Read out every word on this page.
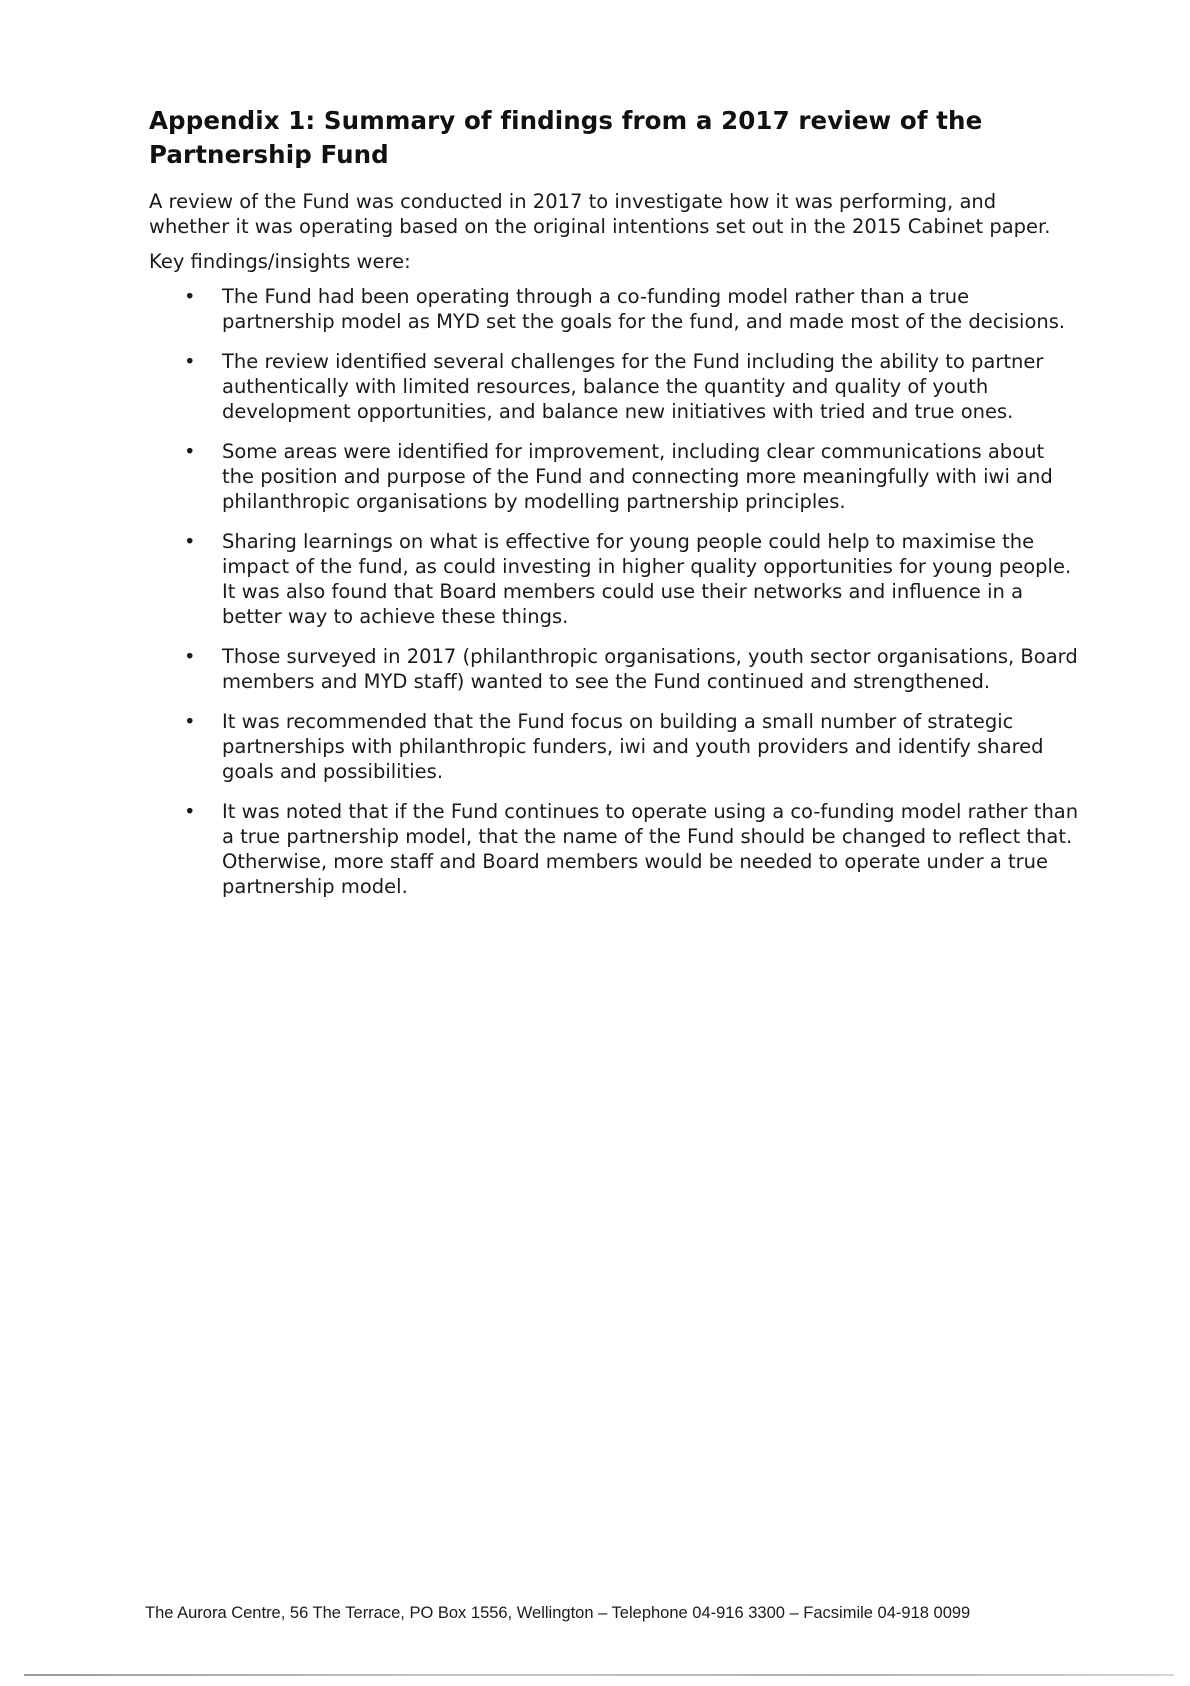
Appendix 1: Summary of findings from a 2017 review of the
Partnership Fund

A review of the Fund was conducted in 2017 to investigate how it was performing, and whether it was operating based on the original intentions set out in the 2015 Cabinet paper.

Key findings/insights were:

• The Fund had been operating through a co-funding model rather than a true partnership model as MYD set the goals for the fund, and made most of the decisions.
• The review identified several challenges for the Fund including the ability to partner authentically with limited resources, balance the quantity and quality of youth development opportunities, and balance new initiatives with tried and true ones.
• Some areas were identified for improvement, including clear communications about the position and purpose of the Fund and connecting more meaningfully with iwi and philanthropic organisations by modelling partnership principles.
• Sharing learnings on what is effective for young people could help to maximise the impact of the fund, as could investing in higher quality opportunities for young people. It was also found that Board members could use their networks and influence in a better way to achieve these things.
• Those surveyed in 2017 (philanthropic organisations, youth sector organisations, Board members and MYD staff) wanted to see the Fund continued and strengthened.
• It was recommended that the Fund focus on building a small number of strategic partnerships with philanthropic funders, iwi and youth providers and identify shared goals and possibilities.
• It was noted that if the Fund continues to operate using a co-funding model rather than a true partnership model, that the name of the Fund should be changed to reflect that. Otherwise, more staff and Board members would be needed to operate under a true partnership model.
The Aurora Centre, 56 The Terrace, PO Box 1556, Wellington – Telephone 04-916 3300 – Facsimile 04-918 0099
